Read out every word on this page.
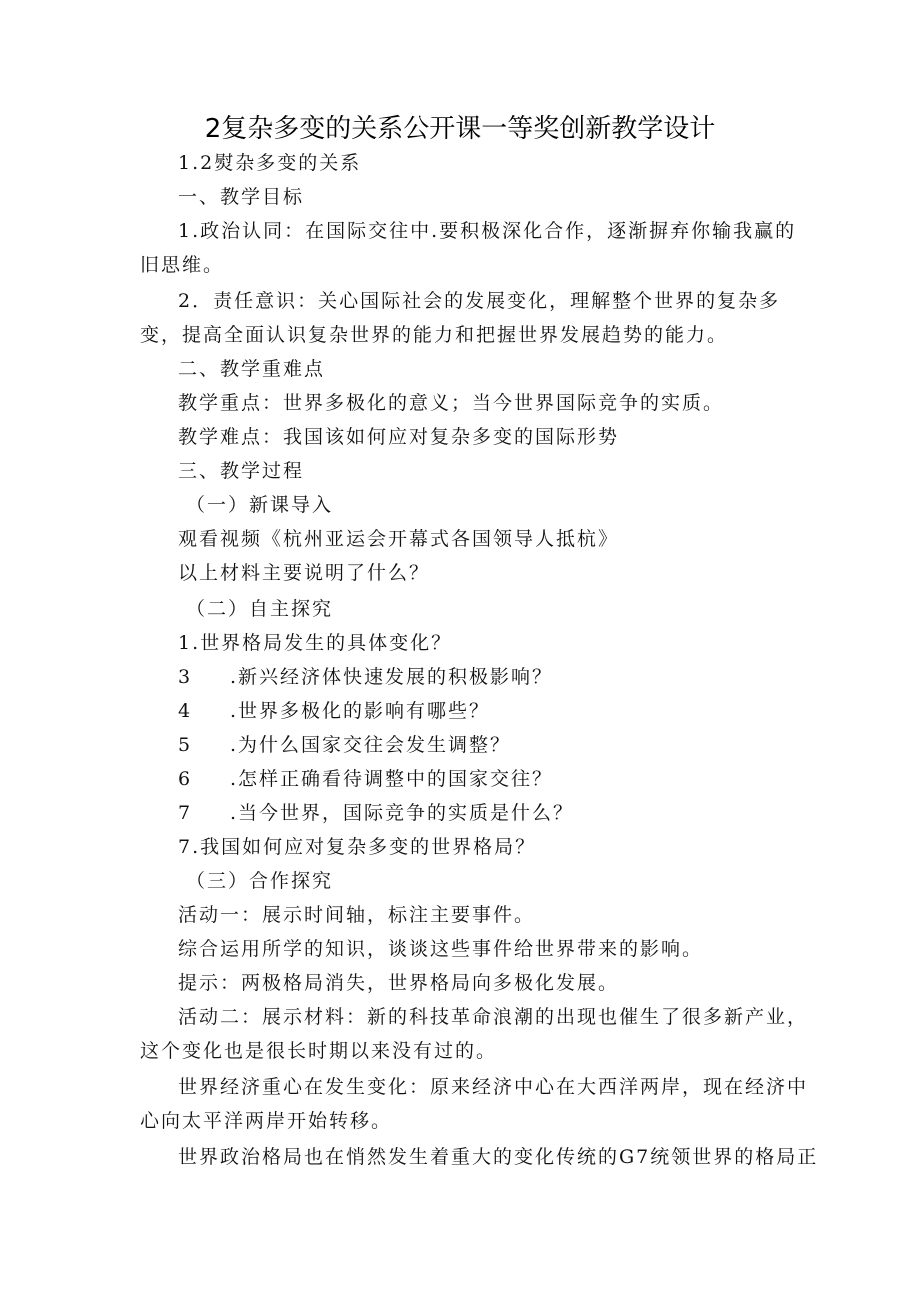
2复杂多变的关系公开课一等奖创新教学设计
1.2熨杂多变的关系
一、教学目标
1.政治认同：在国际交往中.要积极深化合作，逐渐摒弃你输我赢的
旧思维。
2．责任意识：关心国际社会的发展变化，理解整个世界的复杂多
变，提高全面认识复杂世界的能力和把握世界发展趋势的能力。
二、教学重难点
教学重点：世界多极化的意义；当今世界国际竞争的实质。
教学难点：我国该如何应对复杂多变的国际形势
三、教学过程
（一）新课导入
观看视频《杭州亚运会开幕式各国领导人抵杭》
以上材料主要说明了什么？
（二）自主探究
1.世界格局发生的具体变化？
3 .新兴经济体快速发展的积极影响？
4 .世界多极化的影响有哪些？
5 .为什么国家交往会发生调整？
6 .怎样正确看待调整中的国家交往？
7 .当今世界，国际竞争的实质是什么？
7.我国如何应对复杂多变的世界格局？
（三）合作探究
活动一：展示时间轴，标注主要事件。
综合运用所学的知识，谈谈这些事件给世界带来的影响。
提示：两极格局消失，世界格局向多极化发展。
活动二：展示材料：新的科技革命浪潮的出现也催生了很多新产业，
这个变化也是很长时期以来没有过的。
世界经济重心在发生变化：原来经济中心在大西洋两岸，现在经济中
心向太平洋两岸开始转移。
世界政治格局也在悄然发生着重大的变化传统的G7统领世界的格局正
